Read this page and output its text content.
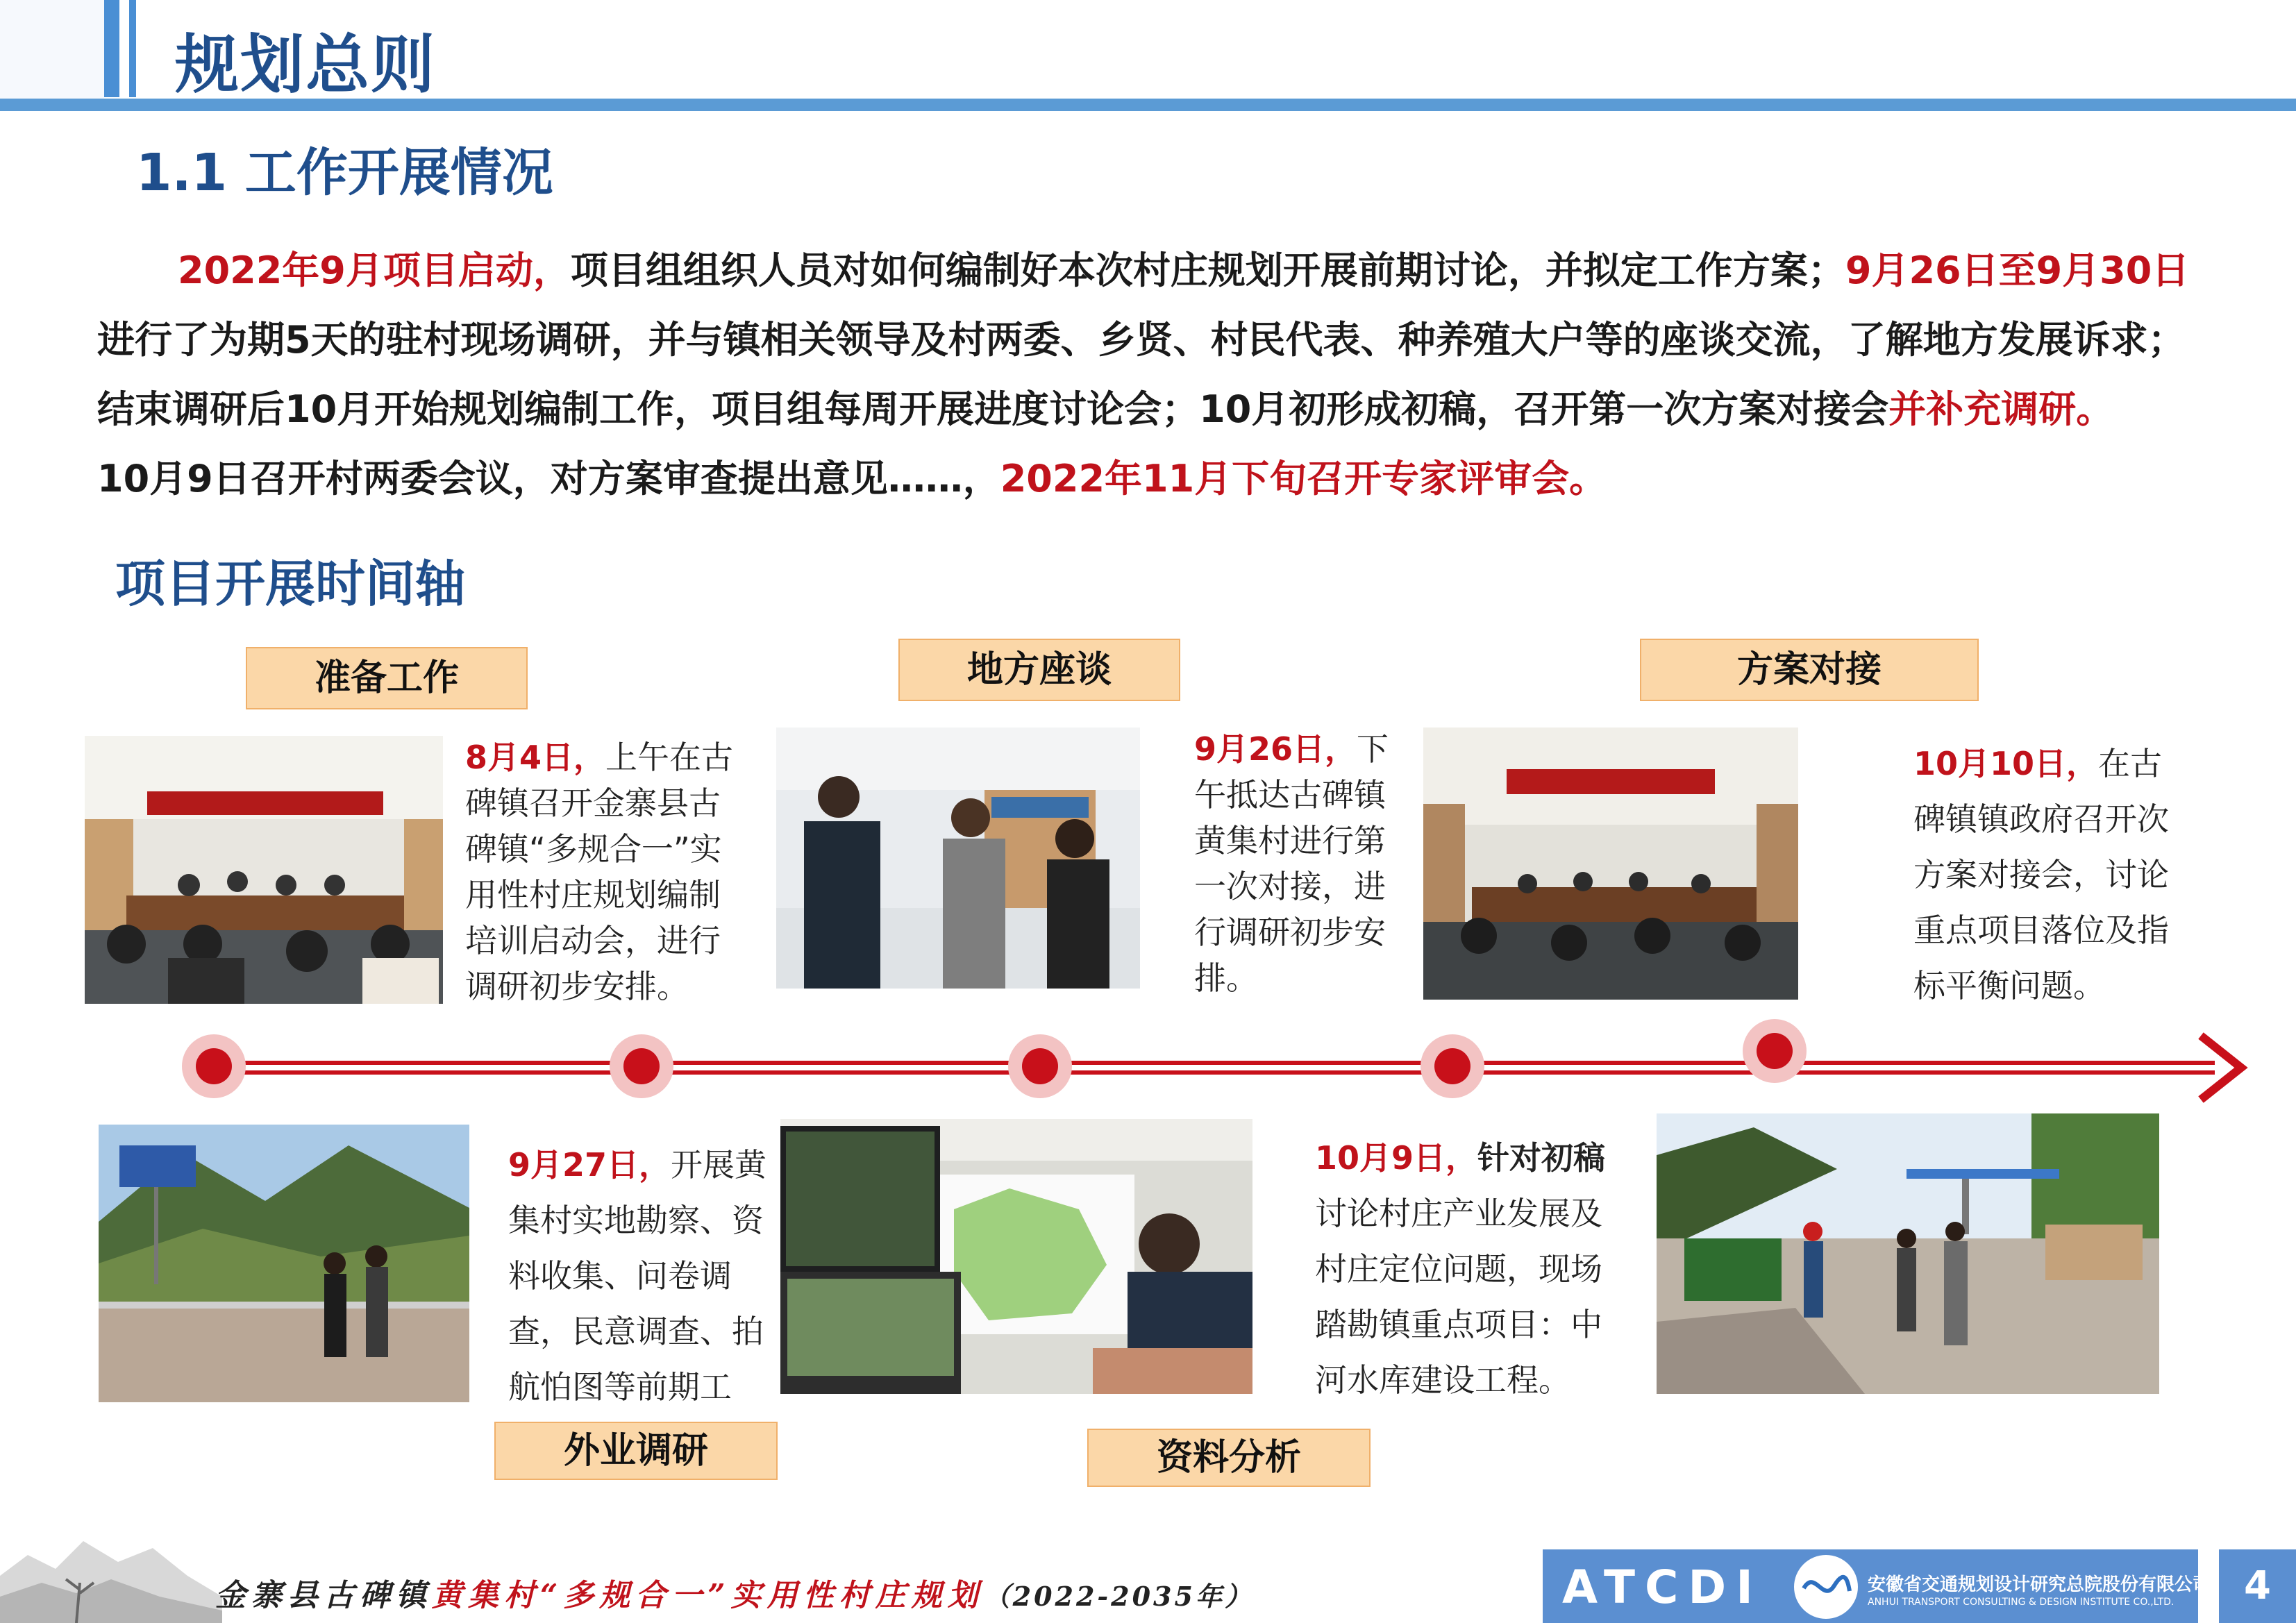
规划总则
1.1 工作开展情况
2022年9月项目启动，项目组组织人员对如何编制好本次村庄规划开展前期讨论，并拟定工作方案；9月26日至9月30日进行了为期5天的驻村现场调研，并与镇相关领导及村两委、乡贤、村民代表、种养殖大户等的座谈交流，了解地方发展诉求；结束调研后10月开始规划编制工作，项目组每周开展进度讨论会；10月初形成初稿，召开第一次方案对接会并补充调研。
10月9日召开村两委会议，对方案审查提出意见……，2022年11月下旬召开专家评审会。
项目开展时间轴
准备工作	地方座谈	方案对接
8月4日，上午在古碑镇召开金寨县古碑镇“多规合一”实用性村庄规划编制培训启动会，进行调研初步安排。
9月26日，下午抵达古碑镇黄集村进行第一次对接，进行调研初步安排。
10月10日，在古碑镇镇政府召开次方案对接会，讨论重点项目落位及指标平衡问题。
9月27日，开展黄集村实地勘察、资料收集、问卷调查，民意调查、拍航怕图等前期工
10月9日，针对初稿讨论村庄产业发展及村庄定位问题，现场踏勘镇重点项目：中河水库建设工程。
外业调研	资料分析
金寨县古碑镇黄集村“多规合一”实用性村庄规划（2022-2035年）	ATCDI	安徽省交通规划设计研究总院股份有限公司
ANHUI TRANSPORT CONSULTING & DESIGN INSTITUTE CO.,LTD.	4
